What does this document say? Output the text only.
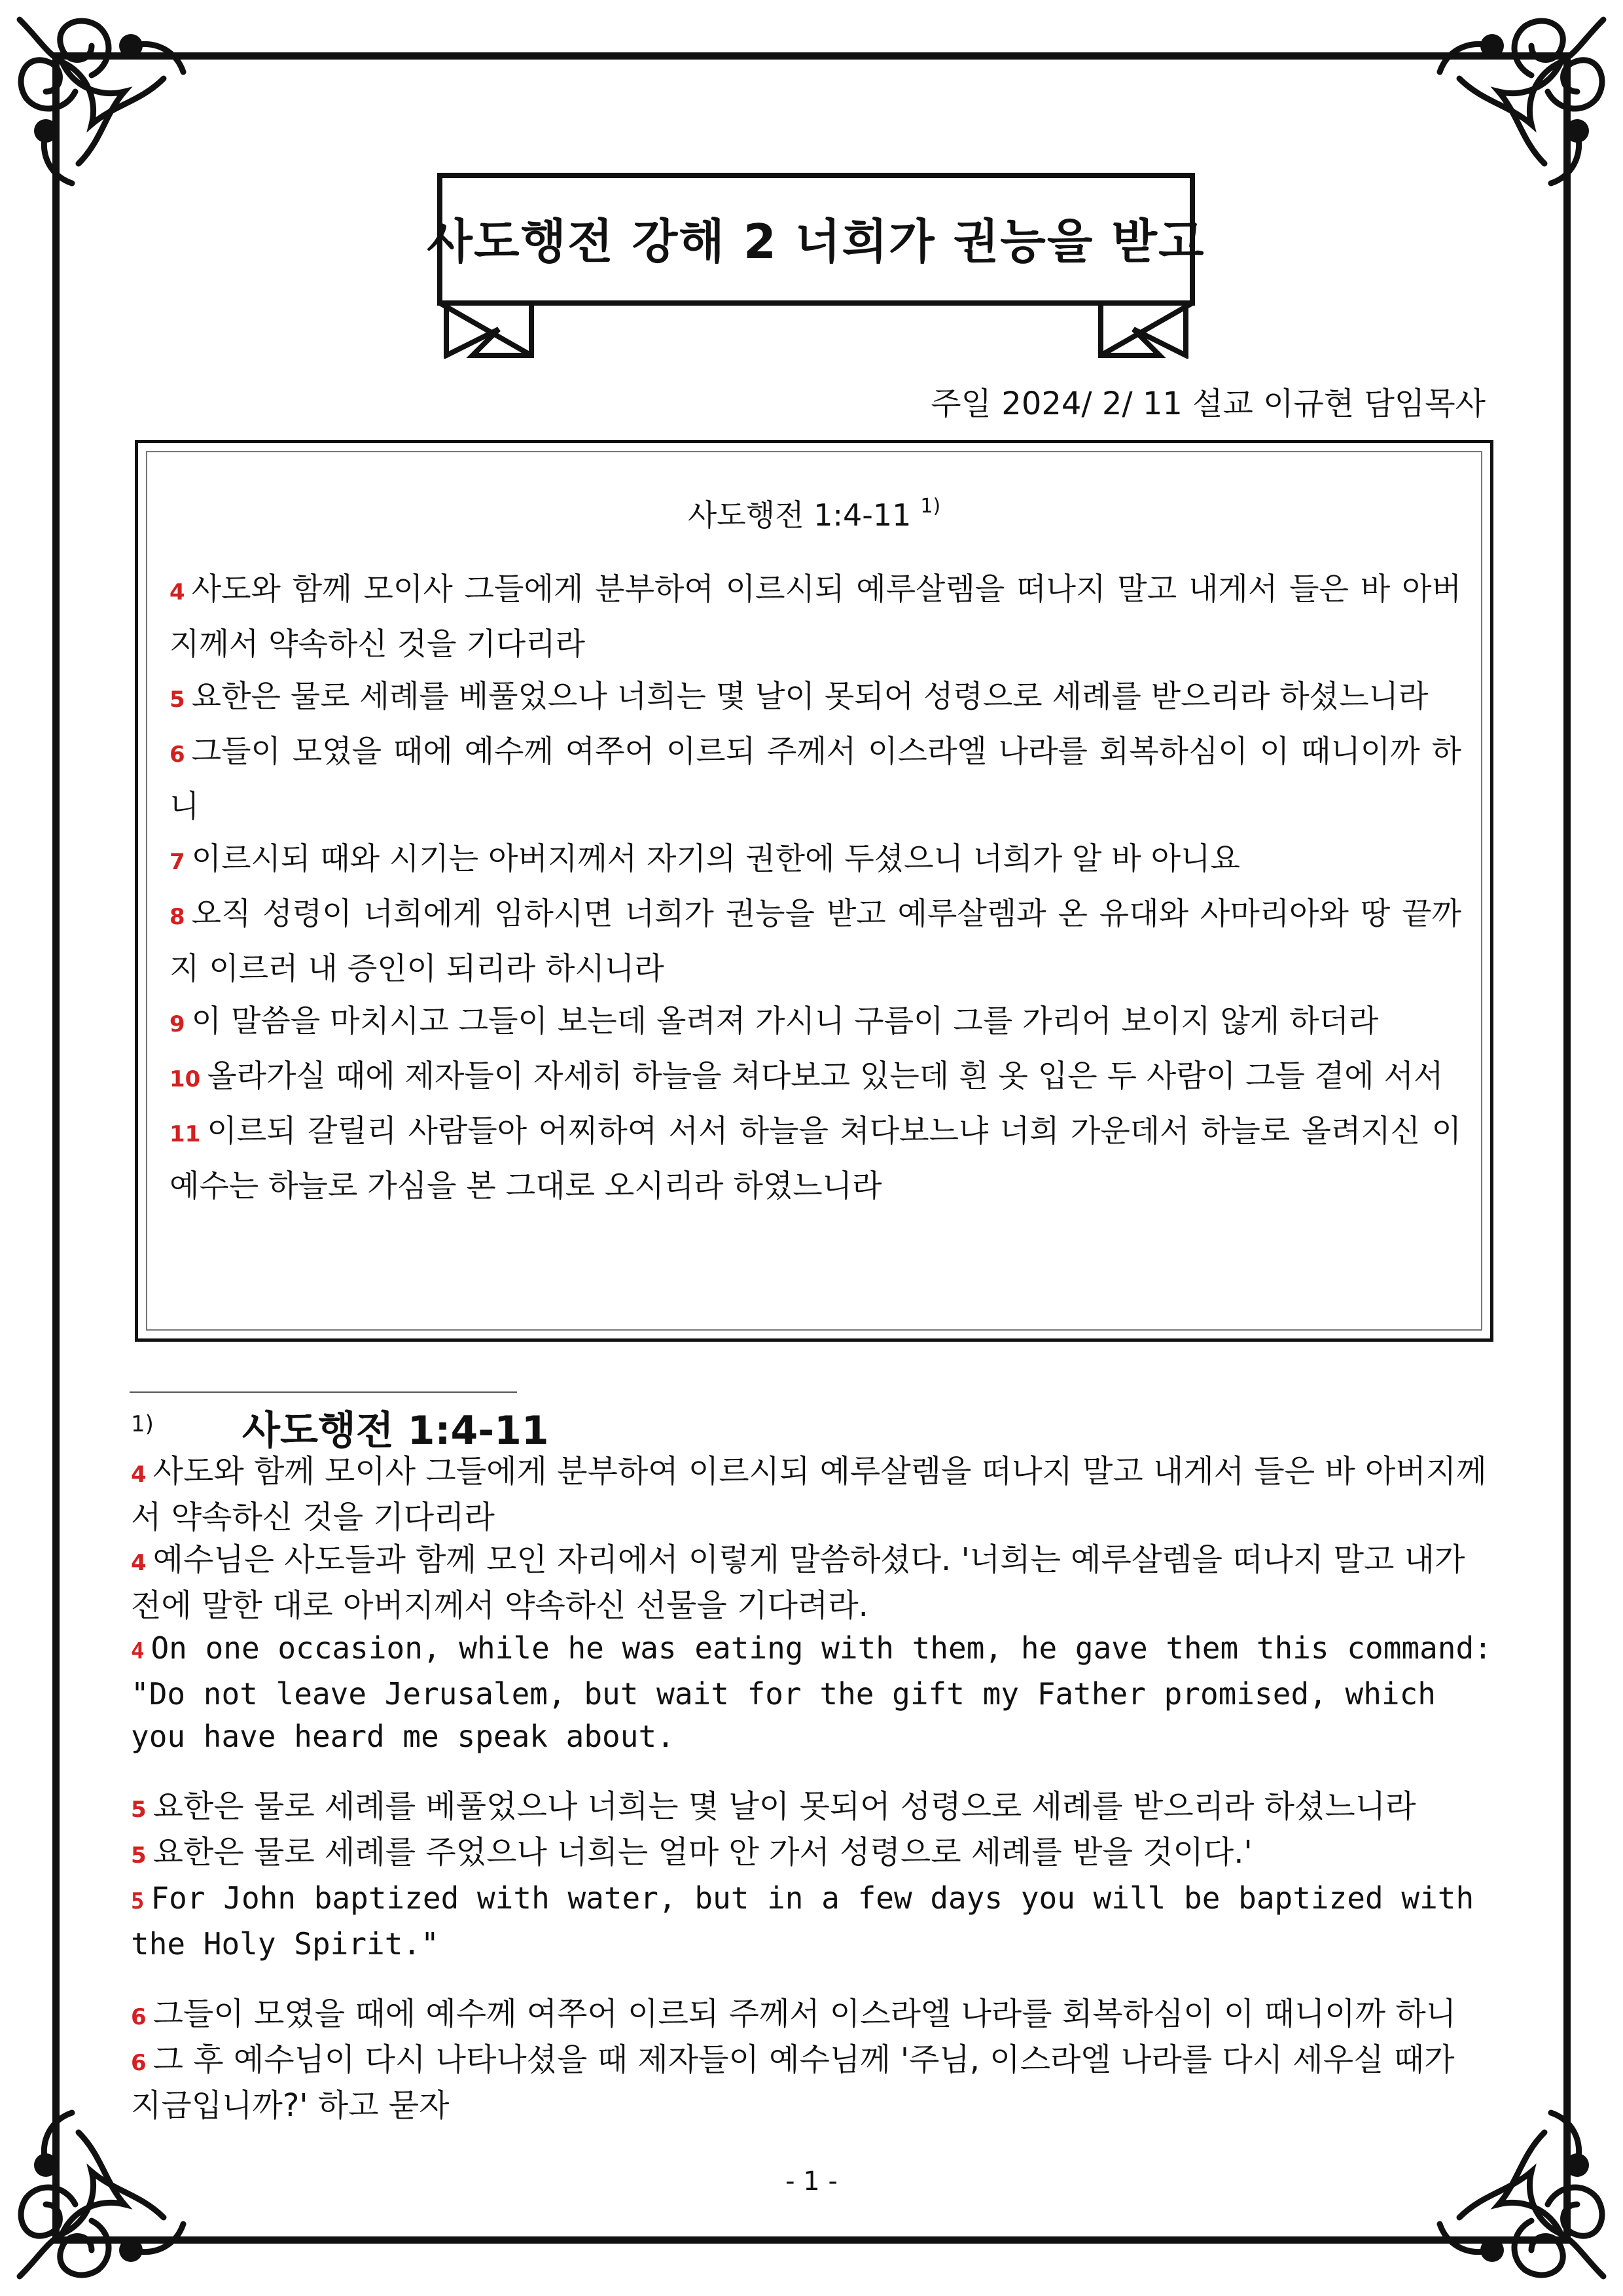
사도행전 강해 2 너희가 권능을 받고
주일 2024/ 2/ 11 설교 이규현 담임목사
사도행전 1:4-11 $^{1)}$
4 사도와 함께 모이사 그들에게 분부하여 이르시되 예루살렘을 떠나지 말고 내게서 들은 바 아버지께서 약속하신 것을 기다리라
5 요한은 물로 세례를 베풀었으나 너희는 몇 날이 못되어 성령으로 세례를 받으리라 하셨느니라
6 그들이 모였을 때에 예수께 여쭈어 이르되 주께서 이스라엘 나라를 회복하심이 이 때니이까 하니
7 이르시되 때와 시기는 아버지께서 자기의 권한에 두셨으니 너희가 알 바 아니요
8 오직 성령이 너희에게 임하시면 너희가 권능을 받고 예루살렘과 온 유대와 사마리아와 땅 끝까지 이르러 내 증인이 되리라 하시니라
9 이 말씀을 마치시고 그들이 보는데 올려져 가시니 구름이 그를 가리어 보이지 않게 하더라
10 올라가실 때에 제자들이 자세히 하늘을 쳐다보고 있는데 흰 옷 입은 두 사람이 그들 곁에 서서
11 이르되 갈릴리 사람들아 어찌하여 서서 하늘을 쳐다보느냐 너희 가운데서 하늘로 올려지신 이 예수는 하늘로 가심을 본 그대로 오시리라 하였느니라
1) 사도행전 1:4-11
4 사도와 함께 모이사 그들에게 분부하여 이르시되 예루살렘을 떠나지 말고 내게서 들은 바 아버지께서 약속하신 것을 기다리라
4 예수님은 사도들과 함께 모인 자리에서 이렇게 말씀하셨다. '너희는 예루살렘을 떠나지 말고 내가 전에 말한 대로 아버지께서 약속하신 선물을 기다려라.
4 On one occasion, while he was eating with them, he gave them this command: "Do not leave Jerusalem, but wait for the gift my Father promised, which you have heard me speak about.
5 요한은 물로 세례를 베풀었으나 너희는 몇 날이 못되어 성령으로 세례를 받으리라 하셨느니라
5 요한은 물로 세례를 주었으나 너희는 얼마 안 가서 성령으로 세례를 받을 것이다.'
5 For John baptized with water, but in a few days you will be baptized with the Holy Spirit."
6 그들이 모였을 때에 예수께 여쭈어 이르되 주께서 이스라엘 나라를 회복하심이 이 때니이까 하니
6 그 후 예수님이 다시 나타나셨을 때 제자들이 예수님께 '주님, 이스라엘 나라를 다시 세우실 때가 지금입니까?' 하고 묻자
- 1 -
